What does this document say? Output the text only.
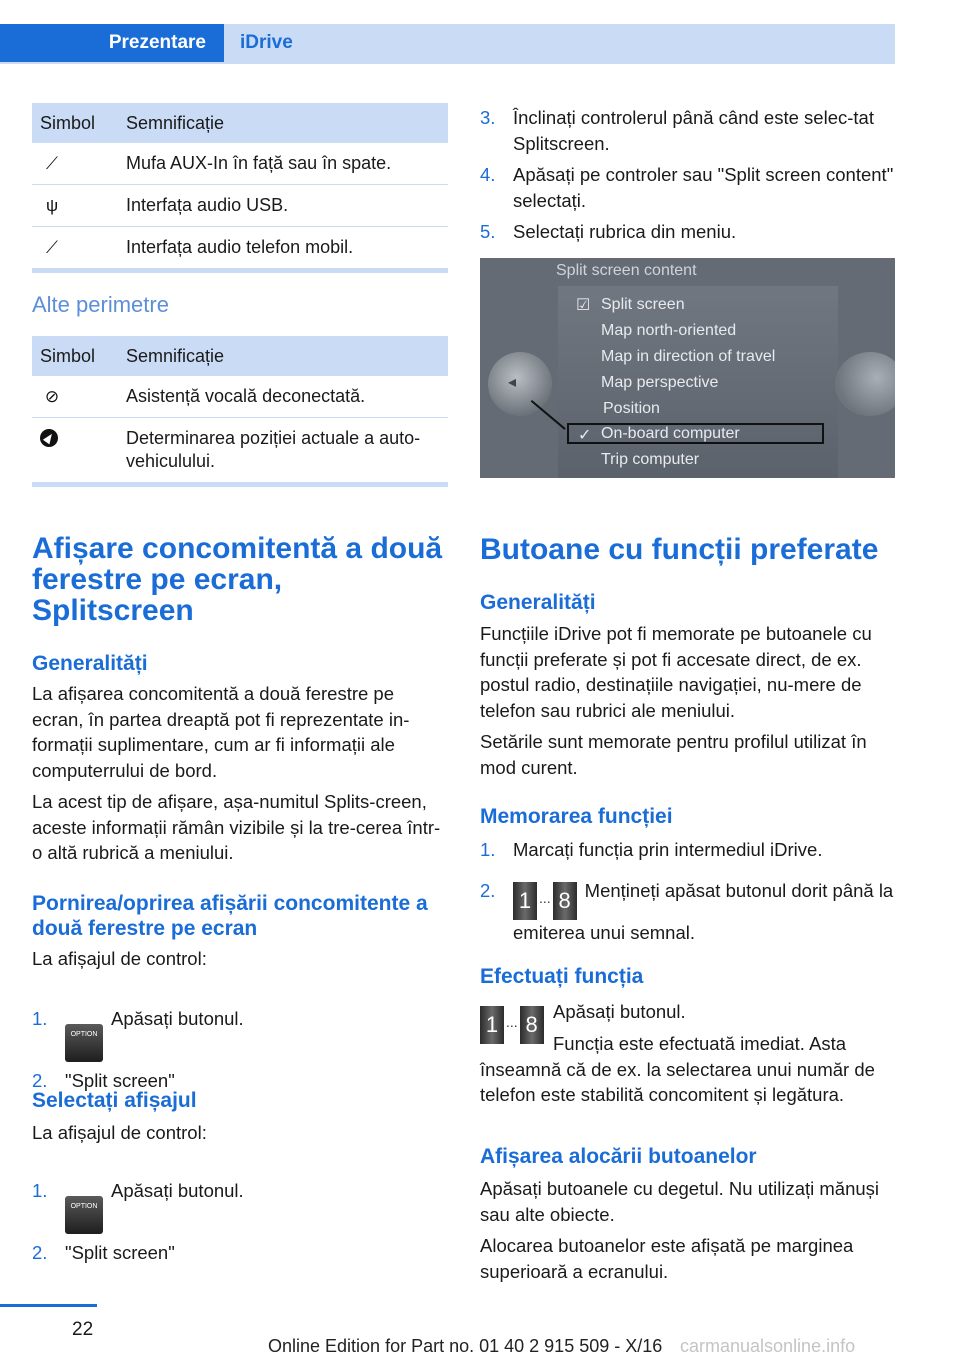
Prezentare	iDrive
Simbol	Semnificație
⟋	Mufa AUX-In în față sau în spate.
ψ	Interfața audio USB.
⟋	Interfața audio telefon mobil.
Alte perimetre
Simbol	Semnificație
⊘	Asistență vocală deconectată.
	Determinarea poziției actuale a auto-vehiculului.
Afișare concomitentă a două ferestre pe ecran, Splitscreen
Generalități

La afișarea concomitentă a două ferestre pe ecran, în partea dreaptă pot fi reprezentate in-formații suplimentare, cum ar fi informații ale computerrului de bord.

La acest tip de afișare, așa-numitul Splits-creen, aceste informații rămân vizibile și la tre-cerea într-o altă rubrică a meniului.

Pornirea/oprirea afișării concomitente a două ferestre pe ecran

La afișajul de control:

1.
OPTIONApăsați butonul.
2. "Split screen"
Selectați afișajul

La afișajul de control:

1.
OPTIONApăsați butonul.
2. "Split screen"
3. Înclinați controlerul până când este selec-tat Splitscreen.
4. Apăsați pe controler sau "Split screen content" selectați.
5. Selectați rubrica din meniu.
Split screen content
◂
☑ Split screen
Map north-oriented
Map in direction of travel
Map perspective
Position
✓ On-board computer
Trip computer
Butoane cu funcții preferate
Generalități

Funcțiile iDrive pot fi memorate pe butoanele cu funcții preferate și pot fi accesate direct, de ex. postul radio, destinațiile navigației, nu-mere de telefon sau rubrici ale meniului.

Setările sunt memorate pentru profilul utilizat în mod curent.

Memorarea funcției
1. Marcați funcția prin intermediul iDrive.
2. 1 ... 8 Mențineți apăsat butonul dorit până la emiterea unui semnal.
Efectuați funcția
1 ... 8

Apăsați butonul.

Funcția este efectuată imediat. Asta înseamnă că de ex. la selectarea unui număr de telefon este stabilită concomitent și legătura.

Afișarea alocării butoanelor

Apăsați butoanele cu degetul. Nu utilizați mănuși sau alte obiecte.

Alocarea butoanelor este afișată pe marginea superioară a ecranului.

22
Online Edition for Part no. 01 40 2 915 509 - X/16 carmanualsonline.info
